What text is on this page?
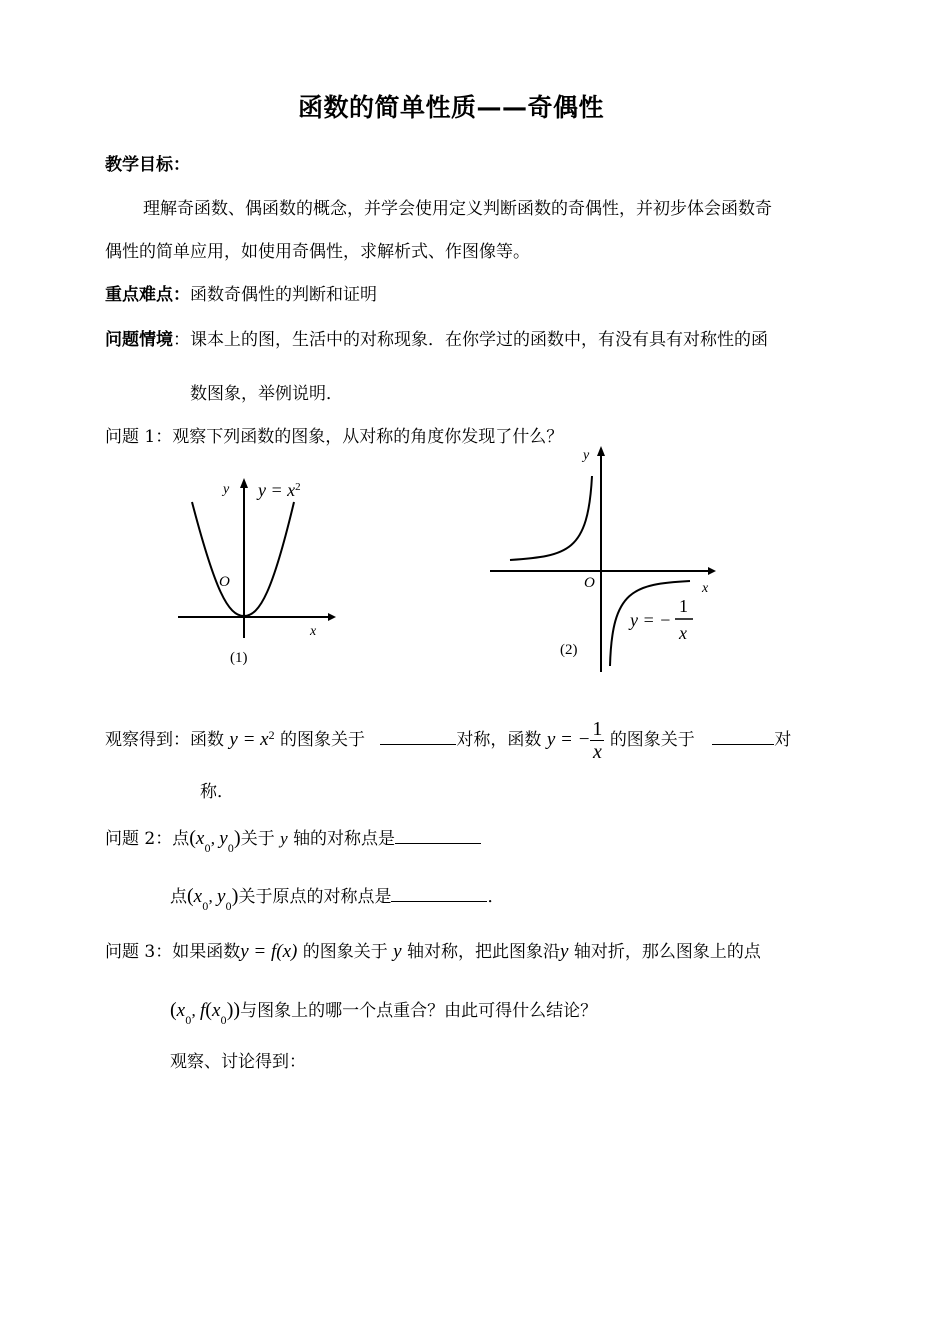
函数的简单性质——奇偶性
教学目标：
理解奇函数、偶函数的概念，并学会使用定义判断函数的奇偶性，并初步体会函数奇
偶性的简单应用，如使用奇偶性，求解析式、作图像等。
重点难点：函数奇偶性的判断和证明
问题情境：课本上的图，生活中的对称现象．在你学过的函数中，有没有具有对称性的函
数图象，举例说明．
问题 1：观察下列函数的图象，从对称的角度你发现了什么？
y
x
O
$y = x^2$
(1)
y
x
O
y = −
1
x
(2)
观察得到：函数 $y = x^2$ 的图象关于	对称，函数 y = − $\frac{1}{x}$ 的图象关于	对
称．
问题 2：点($x_0$, $y_0$)关于 y 轴的对称点是
点($x_0$, $y_0$)关于原点的对称点是	．
问题 3：如果函数y = f(x) 的图象关于 y 轴对称，把此图象沿y 轴对折，那么图象上的点
($x_0$, $f(x_0)$)与图象上的哪一个点重合？由此可得什么结论？
观察、讨论得到：
